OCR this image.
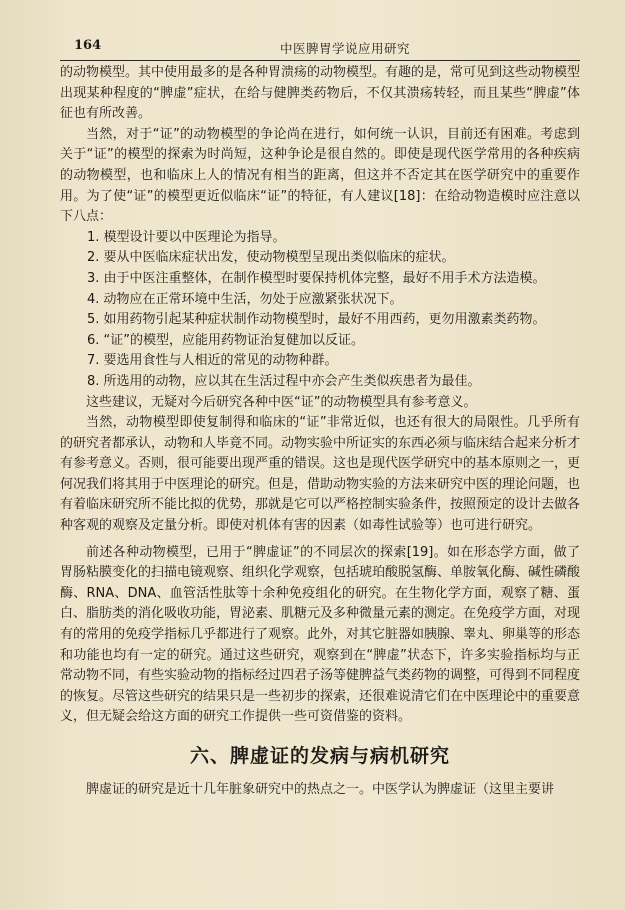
164	中医脾胃学说应用研究

的动物模型。其中使用最多的是各种胃溃疡的动物模型。有趣的是，常可见到这些动物模型出现某种程度的“脾虚”症状，在给与健脾类药物后，不仅其溃疡转轻，而且某些“脾虚”体征也有所改善。

当然，对于“证”的动物模型的争论尚在进行，如何统一认识，目前还有困难。考虑到关于“证”的模型的探索为时尚短，这种争论是很自然的。即使是现代医学常用的各种疾病的动物模型，也和临床上人的情况有相当的距离，但这并不否定其在医学研究中的重要作用。为了使“证”的模型更近似临床“证”的特征，有人建议[18]：在给动物造模时应注意以下八点：

1. 模型设计要以中医理论为指导。

2. 要从中医临床症状出发，使动物模型呈现出类似临床的症状。

3. 由于中医注重整体，在制作模型时要保持机体完整，最好不用手术方法造模。

4. 动物应在正常环境中生活，勿处于应激紧张状况下。

5. 如用药物引起某种症状制作动物模型时，最好不用西药，更勿用激素类药物。

6. “证”的模型，应能用药物证治复健加以反证。

7. 要选用食性与人相近的常见的动物种群。

8. 所选用的动物，应以其在生活过程中亦会产生类似疾患者为最佳。

这些建议，无疑对今后研究各种中医“证”的动物模型具有参考意义。

当然，动物模型即使复制得和临床的“证”非常近似，也还有很大的局限性。几乎所有的研究者都承认，动物和人毕竟不同。动物实验中所证实的东西必须与临床结合起来分析才有参考意义。否则，很可能要出现严重的错误。这也是现代医学研究中的基本原则之一，更何况我们将其用于中医理论的研究。但是，借助动物实验的方法来研究中医的理论问题，也有着临床研究所不能比拟的优势，那就是它可以严格控制实验条件，按照预定的设计去做各种客观的观察及定量分析。即使对机体有害的因素（如毒性试验等）也可进行研究。

前述各种动物模型，已用于“脾虚证”的不同层次的探索[19]。如在形态学方面，做了胃肠粘膜变化的扫描电镜观察、组织化学观察，包括琥珀酸脱氢酶、单胺氧化酶、碱性磷酸酶、RNA、DNA、血管活性肽等十余种免疫组化的研究。在生物化学方面，观察了糖、蛋白、脂肪类的消化吸收功能，胃泌素、肌糖元及多种微量元素的测定。在免疫学方面，对现有的常用的免疫学指标几乎都进行了观察。此外，对其它脏器如胰腺、睾丸、卵巢等的形态和功能也均有一定的研究。通过这些研究，观察到在“脾虚”状态下，许多实验指标均与正常动物不同，有些实验动物的指标经过四君子汤等健脾益气类药物的调整，可得到不同程度的恢复。尽管这些研究的结果只是一些初步的探索，还很难说清它们在中医理论中的重要意义，但无疑会给这方面的研究工作提供一些可资借鉴的资料。

六、脾虚证的发病与病机研究

脾虚证的研究是近十几年脏象研究中的热点之一。中医学认为脾虚证（这里主要讲
